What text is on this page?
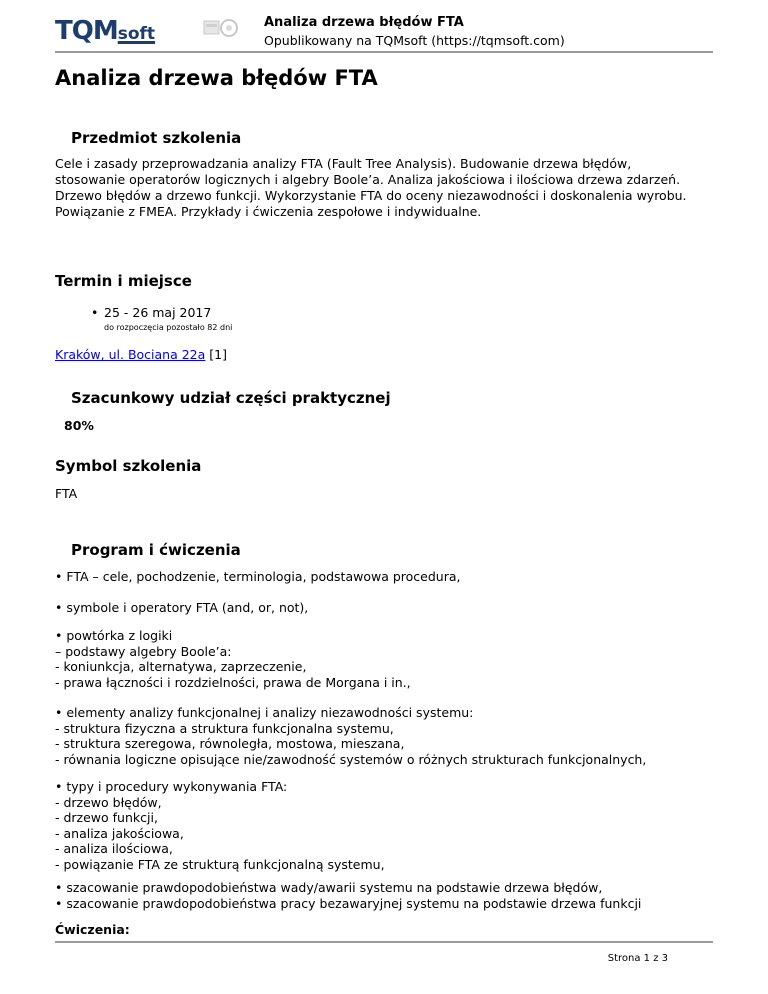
TQMsoft
Analiza drzewa błędów FTA
Opublikowany na TQMsoft (https://tqmsoft.com)
Analiza drzewa błędów FTA
Przedmiot szkolenia
Cele i zasady przeprowadzania analizy FTA (Fault Tree Analysis). Budowanie drzewa błędów,
stosowanie operatorów logicznych i algebry Boole’a. Analiza jakościowa i ilościowa drzewa zdarzeń.
Drzewo błędów a drzewo funkcji. Wykorzystanie FTA do oceny niezawodności i doskonalenia wyrobu.
Powiązanie z FMEA. Przykłady i ćwiczenia zespołowe i indywidualne.
Termin i miejsce
• 25 - 26 maj 2017
do rozpoczęcia pozostało 82 dni
Kraków, ul. Bociana 22a [1]
Szacunkowy udział części praktycznej
80%
Symbol szkolenia
FTA
Program i ćwiczenia
• FTA – cele, pochodzenie, terminologia, podstawowa procedura,
• symbole i operatory FTA (and, or, not),
• powtórka z logiki
– podstawy algebry Boole’a:
- koniunkcja, alternatywa, zaprzeczenie,
- prawa łączności i rozdzielności, prawa de Morgana i in.,
• elementy analizy funkcjonalnej i analizy niezawodności systemu:
- struktura fizyczna a struktura funkcjonalna systemu,
- struktura szeregowa, równoległa, mostowa, mieszana,
- równania logiczne opisujące nie/zawodność systemów o różnych strukturach funkcjonalnych,
• typy i procedury wykonywania FTA:
- drzewo błędów,
- drzewo funkcji,
- analiza jakościowa,
- analiza ilościowa,
- powiązanie FTA ze strukturą funkcjonalną systemu,
• szacowanie prawdopodobieństwa wady/awarii systemu na podstawie drzewa błędów,
• szacowanie prawdopodobieństwa pracy bezawaryjnej systemu na podstawie drzewa funkcji
Ćwiczenia:
Strona 1 z 3
